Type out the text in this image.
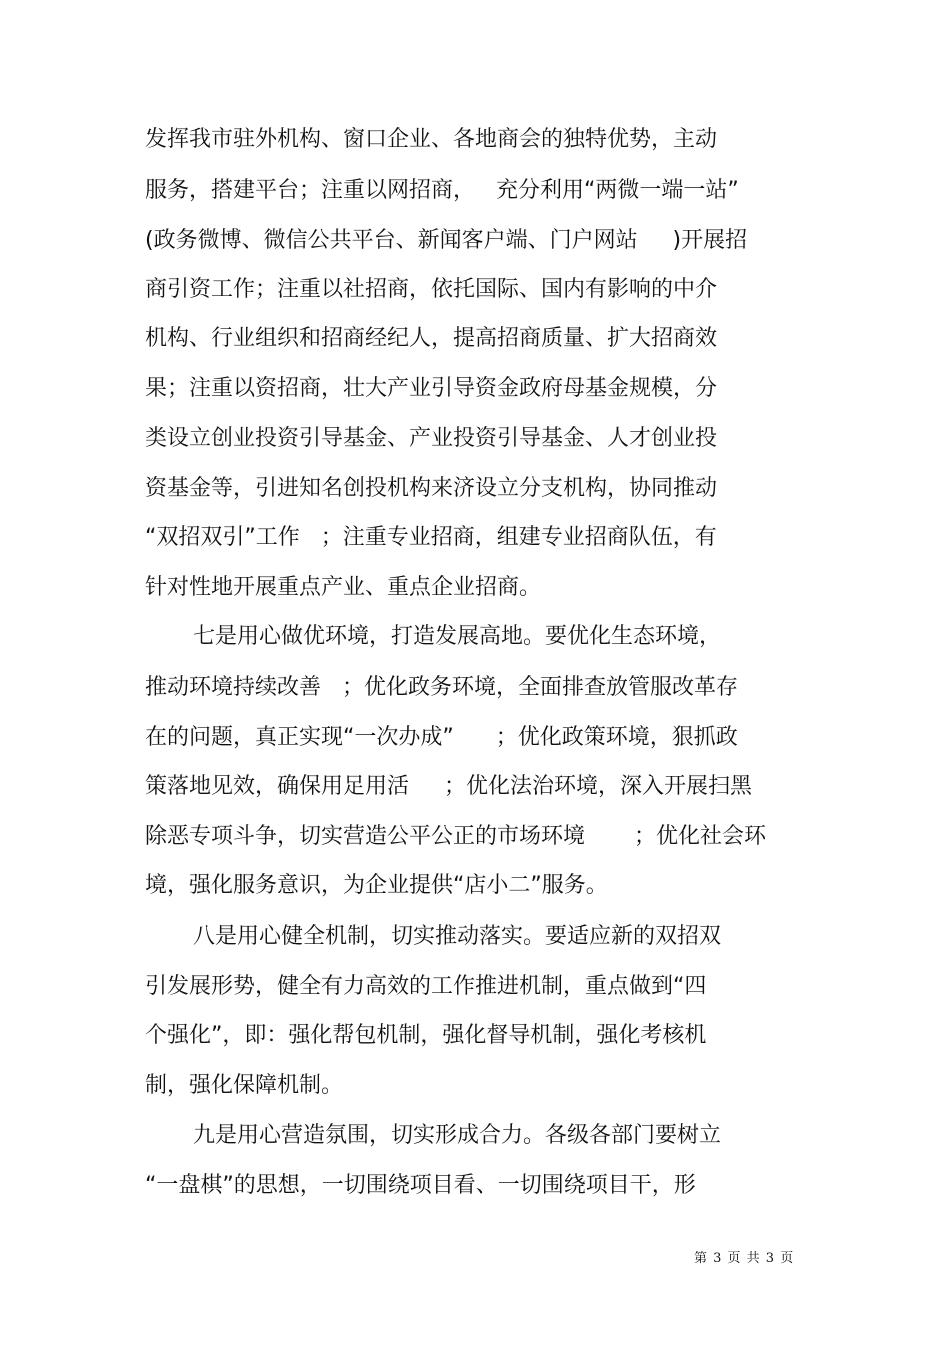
发挥我市驻外机构、窗口企业、各地商会的独特优势，主动
服务，搭建平台；注重以网招商，   充分利用“两微一端一站”
(政务微博、微信公共平台、新闻客户端、门户网站     )开展招
商引资工作；注重以社招商，依托国际、国内有影响的中介
机构、行业组织和招商经纪人，提高招商质量、扩大招商效
果；注重以资招商，壮大产业引导资金政府母基金规模，分
类设立创业投资引导基金、产业投资引导基金、人才创业投
资基金等，引进知名创投机构来济设立分支机构，协同推动
“双招双引”工作   ；注重专业招商，组建专业招商队伍，有
针对性地开展重点产业、重点企业招商。
七是用心做优环境，打造发展高地。要优化生态环境，
推动环境持续改善   ；优化政务环境，全面排查放管服改革存
在的问题，真正实现“一次办成”      ；优化政策环境，狠抓政
策落地见效，确保用足用活     ；优化法治环境，深入开展扫黑
除恶专项斗争，切实营造公平公正的市场环境       ；优化社会环
境，强化服务意识，为企业提供“店小二”服务。
八是用心健全机制，切实推动落实。要适应新的双招双
引发展形势，健全有力高效的工作推进机制，重点做到“四
个强化”，即：强化帮包机制，强化督导机制，强化考核机
制，强化保障机制。
九是用心营造氛围，切实形成合力。各级各部门要树立
“一盘棋”的思想，一切围绕项目看、一切围绕项目干，形
第 3 页 共 3 页
